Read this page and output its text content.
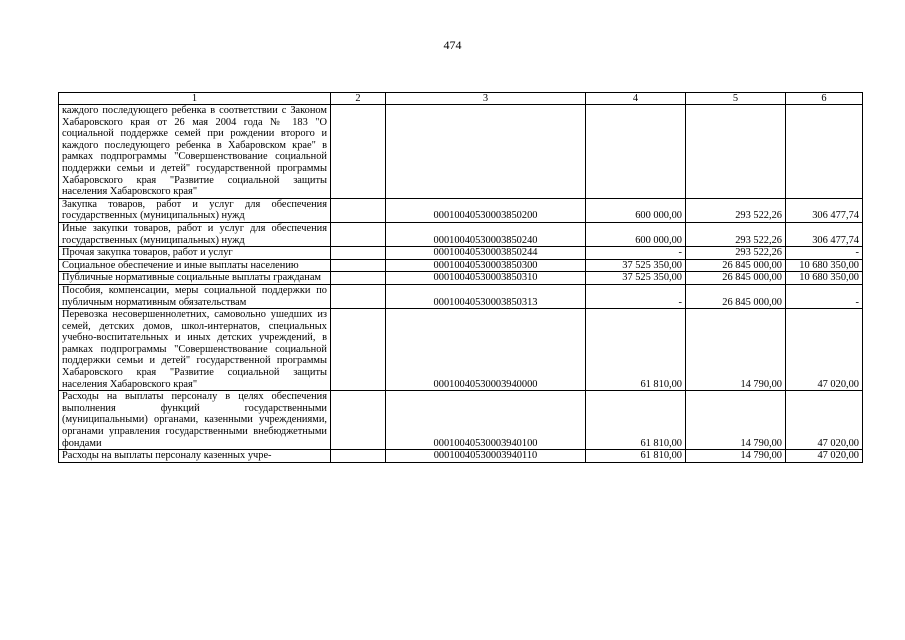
474
1	2	3	4	5	6
каждого последующего ребенка в соответствии с Законом Хабаровского края от 26 мая 2004 года № 183 "О социальной поддержке семей при рождении второго и каждого последующего ребенка в Хабаровском крае" в рамках подпрограммы "Совершенствование социальной поддержки семьи и детей" государственной программы Хабаровского края "Развитие социальной защиты населения Хабаровского края"					
Закупка товаров, работ и услуг для обеспечения государственных (муниципальных) нужд		00010040530003850200	600 000,00	293 522,26	306 477,74
Иные закупки товаров, работ и услуг для обеспечения государственных (муниципальных) нужд		00010040530003850240	600 000,00	293 522,26	306 477,74
Прочая закупка товаров, работ и услуг		00010040530003850244	-	293 522,26	-
Социальное обеспечение и иные выплаты населению		00010040530003850300	37 525 350,00	26 845 000,00	10 680 350,00
Публичные нормативные социальные выплаты гражданам		00010040530003850310	37 525 350,00	26 845 000,00	10 680 350,00
Пособия, компенсации, меры социальной поддержки по публичным нормативным обязательствам		00010040530003850313	-	26 845 000,00	-
Перевозка несовершеннолетних, самовольно ушедших из семей, детских домов, школ-интернатов, специальных учебно-воспитательных и иных детских учреждений, в рамках подпрограммы "Совершенствование социальной поддержки семьи и детей" государственной программы Хабаровского края "Развитие социальной защиты населения Хабаровского края"		00010040530003940000	61 810,00	14 790,00	47 020,00
Расходы на выплаты персоналу в целях обеспечения выполнения функций государственными (муниципальными) органами, казенными учреждениями, органами управления государственными внебюджетными фондами		00010040530003940100	61 810,00	14 790,00	47 020,00
Расходы на выплаты персоналу казенных учре-		00010040530003940110	61 810,00	14 790,00	47 020,00
